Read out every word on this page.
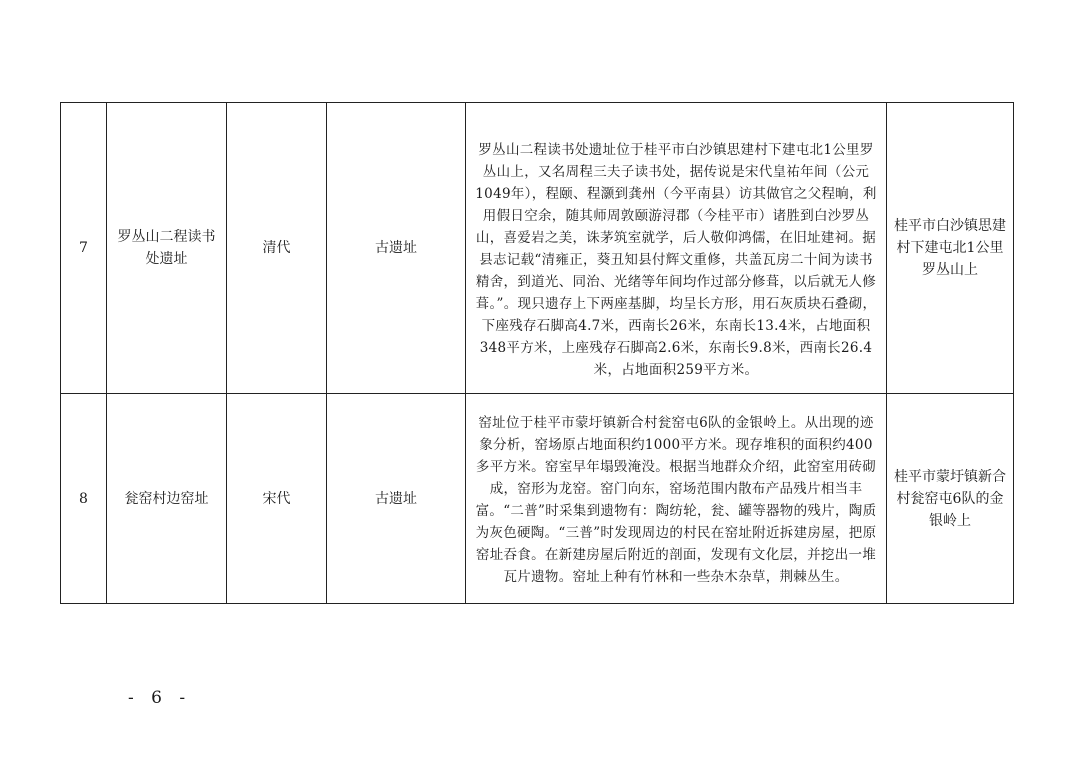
7	罗丛山二程读书处遗址	清代	古遗址	罗丛山二程读书处遗址位于桂平市白沙镇思建村下建屯北1公里罗丛山上，又名周程三夫子读书处，据传说是宋代皇祐年间（公元1049年），程颐、程灏到龚州（今平南县）访其做官之父程晌，利用假日空余，随其师周敦颐游浔郡（今桂平市）诸胜到白沙罗丛山，喜爱岩之美，诛茅筑室就学，后人敬仰鸿儒，在旧址建祠。据县志记载“清雍正，葵丑知县付辉文重修，共盖瓦房二十间为读书精舍，到道光、同治、光绪等年间均作过部分修葺，以后就无人修葺。”。现只遗存上下两座基脚，均呈长方形，用石灰质块石叠砌，下座残存石脚高4.7米，西南长26米，东南长13.4米，占地面积348平方米，上座残存石脚高2.6米，东南长9.8米，西南长26.4米，占地面积259平方米。	桂平市白沙镇思建村下建屯北1公里罗丛山上

8	瓮窑村边窑址	宋代	古遗址	窑址位于桂平市蒙圩镇新合村瓮窑屯6队的金银岭上。从出现的迹象分析，窑场原占地面积约1000平方米。现存堆积的面积约400多平方米。窑室早年塌毁淹没。根据当地群众介绍，此窑室用砖砌成，窑形为龙窑。窑门向东，窑场范围内散布产品残片相当丰富。“二普”时采集到遗物有：陶纺轮，瓮、罐等器物的残片，陶质为灰色硬陶。“三普”时发现周边的村民在窑址附近拆建房屋，把原窑址吞食。在新建房屋后附近的剖面，发现有文化层，并挖出一堆瓦片遗物。窑址上种有竹林和一些杂木杂草，荆棘丛生。	桂平市蒙圩镇新合村瓮窑屯6队的金银岭上
- 6 -
